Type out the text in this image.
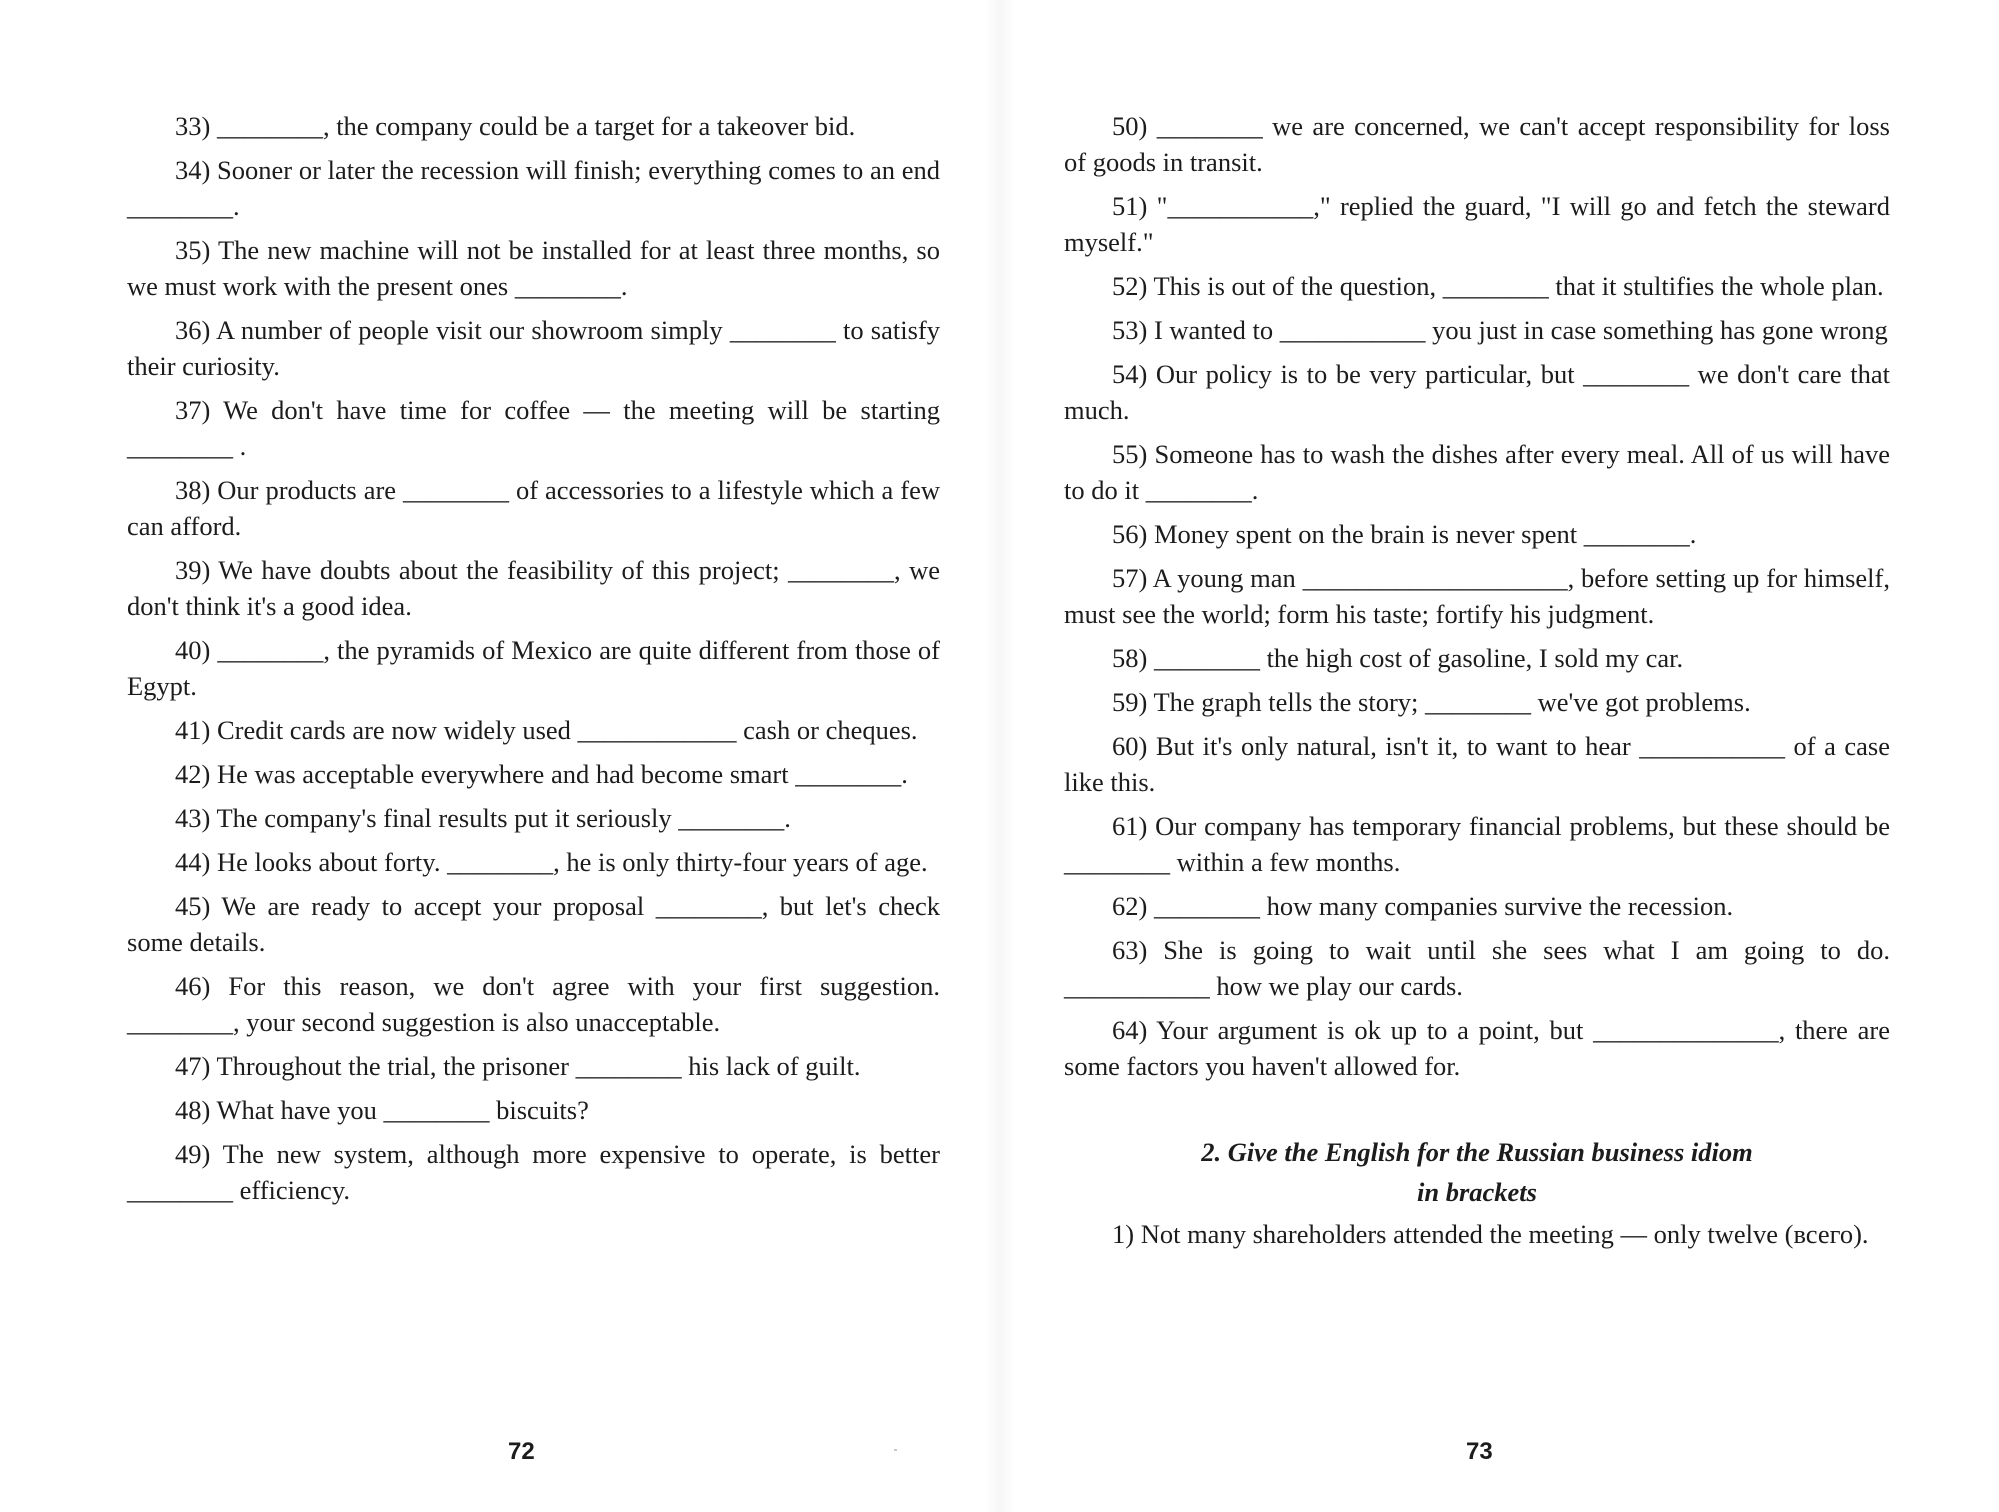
33) ________, the company could be a target for a takeover bid.

34) Sooner or later the recession will finish; everything comes to an end ________.

35) The new machine will not be installed for at least three months, so we must work with the present ones ________.

36) A number of people visit our showroom simply ________ to satisfy their curiosity.

37) We don't have time for coffee — the meeting will be starting ________ .

38) Our products are ________ of accessories to a lifestyle which a few can afford.

39) We have doubts about the feasibility of this project; ________, we don't think it's a good idea.

40) ________, the pyramids of Mexico are quite different from those of Egypt.

41) Credit cards are now widely used ____________ cash or cheques.

42) He was acceptable everywhere and had become smart ________.

43) The company's final results put it seriously ________.

44) He looks about forty. ________, he is only thirty-four years of age.

45) We are ready to accept your proposal ________, but let's check some details.

46) For this reason, we don't agree with your first suggestion. ________, your second suggestion is also unacceptable.

47) Throughout the trial, the prisoner ________ his lack of guilt.

48) What have you ________ biscuits?

49) The new system, although more expensive to operate, is better ________ efficiency.

72

50) ________ we are concerned, we can't accept responsibility for loss of goods in transit.

51) "___________," replied the guard, "I will go and fetch the steward myself."

52) This is out of the question, ________ that it stultifies the whole plan.

53) I wanted to ___________ you just in case something has gone wrong

54) Our policy is to be very particular, but ________ we don't care that much.

55) Someone has to wash the dishes after every meal. All of us will have to do it ________.

56) Money spent on the brain is never spent ________.

57) A young man ____________________, before setting up for himself, must see the world; form his taste; fortify his judgment.

58) ________ the high cost of gasoline, I sold my car.

59) The graph tells the story; ________ we've got problems.

60) But it's only natural, isn't it, to want to hear ___________ of a case like this.

61) Our company has temporary financial problems, but these should be ________ within a few months.

62) ________ how many companies survive the recession.

63) She is going to wait until she sees what I am going to do. ___________ how we play our cards.

64) Your argument is ok up to a point, but ______________, there are some factors you haven't allowed for.

2. Give the English for the Russian business idiom
in brackets

1) Not many shareholders attended the meeting — only twelve (всего).

73
